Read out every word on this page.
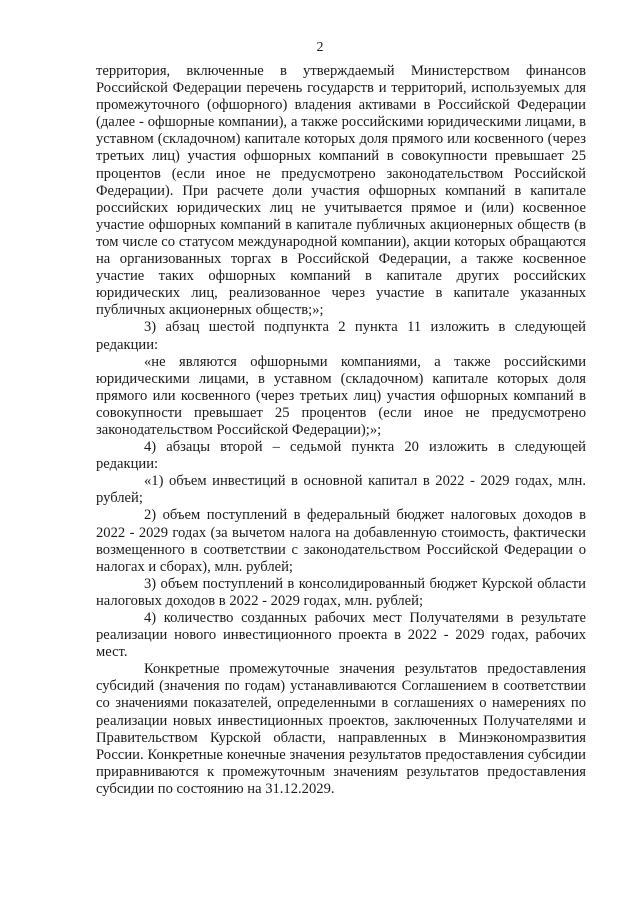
2

территория, включенные в утверждаемый Министерством финансов Российской Федерации перечень государств и территорий, используемых для промежуточного (офшорного) владения активами в Российской Федерации (далее - офшорные компании), а также российскими юридическими лицами, в уставном (складочном) капитале которых доля прямого или косвенного (через третьих лиц) участия офшорных компаний в совокупности превышает 25 процентов (если иное не предусмотрено законодательством Российской Федерации). При расчете доли участия офшорных компаний в капитале российских юридических лиц не учитывается прямое и (или) косвенное участие офшорных компаний в капитале публичных акционерных обществ (в том числе со статусом международной компании), акции которых обращаются на организованных торгах в Российской Федерации, а также косвенное участие таких офшорных компаний в капитале других российских юридических лиц, реализованное через участие в капитале указанных публичных акционерных обществ;»;

3) абзац шестой подпункта 2 пункта 11 изложить в следующей редакции:

«не являются офшорными компаниями, а также российскими юридическими лицами, в уставном (складочном) капитале которых доля прямого или косвенного (через третьих лиц) участия офшорных компаний в совокупности превышает 25 процентов (если иное не предусмотрено законодательством Российской Федерации);»;

4) абзацы второй – седьмой пункта 20 изложить в следующей редакции:

«1) объем инвестиций в основной капитал в 2022 - 2029 годах, млн. рублей;

2) объем поступлений в федеральный бюджет налоговых доходов в 2022 - 2029 годах (за вычетом налога на добавленную стоимость, фактически возмещенного в соответствии с законодательством Российской Федерации о налогах и сборах), млн. рублей;

3) объем поступлений в консолидированный бюджет Курской области налоговых доходов в 2022 - 2029 годах, млн. рублей;

4) количество созданных рабочих мест Получателями в результате реализации нового инвестиционного проекта в 2022 - 2029 годах, рабочих мест.

Конкретные промежуточные значения результатов предоставления субсидий (значения по годам) устанавливаются Соглашением в соответствии со значениями показателей, определенными в соглашениях о намерениях по реализации новых инвестиционных проектов, заключенных Получателями и Правительством Курской области, направленных в Минэкономразвития России. Конкретные конечные значения результатов предоставления субсидии приравниваются к промежуточным значениям результатов предоставления субсидии по состоянию на 31.12.2029.
